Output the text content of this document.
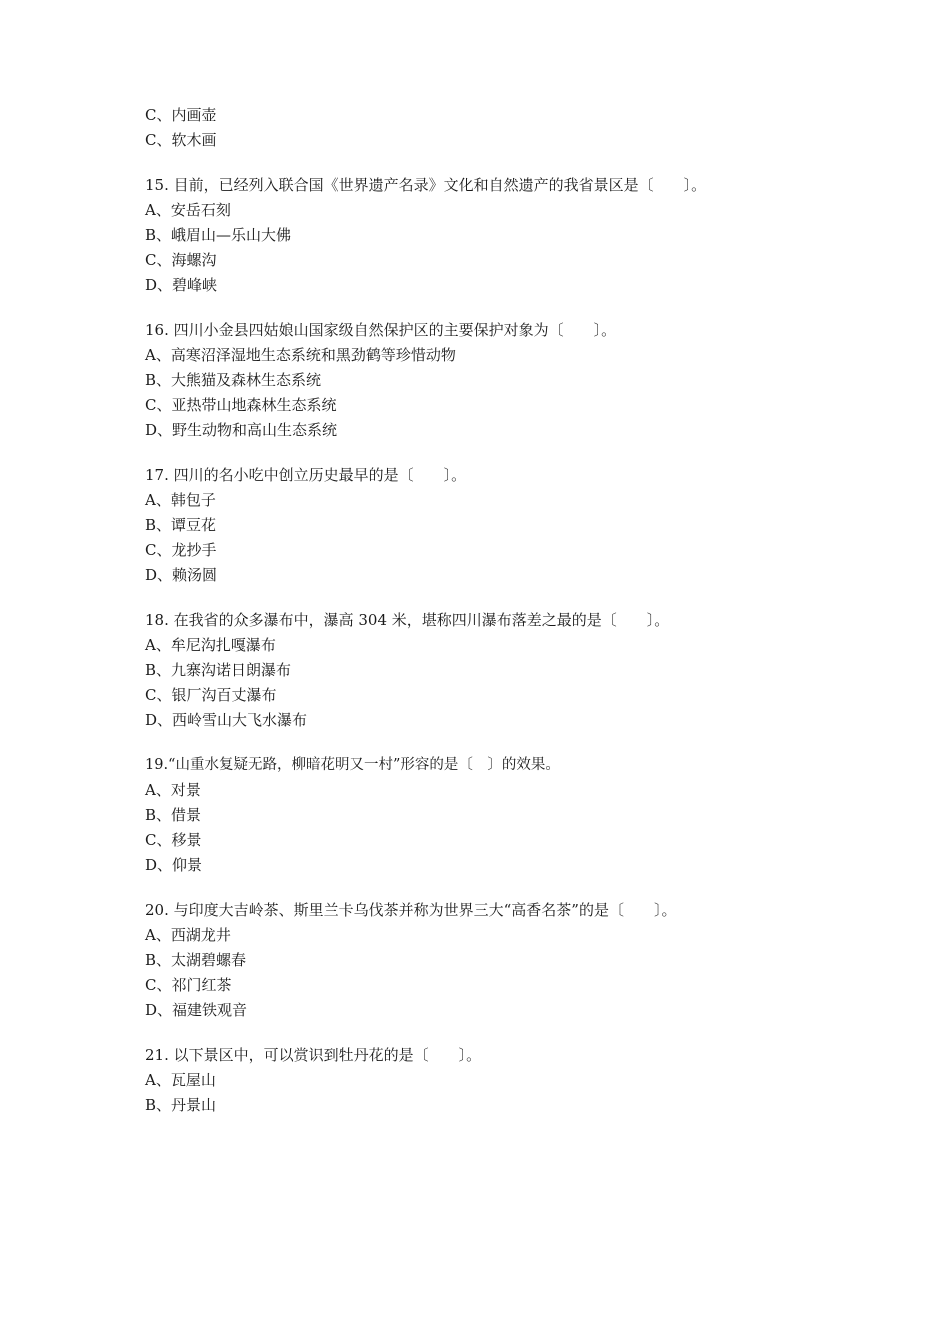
C、内画壶
C、软木画
15. 目前，已经列入联合国《世界遗产名录》文化和自然遗产的我省景区是〔　　〕。
A、安岳石刻
B、峨眉山—乐山大佛
C、海螺沟
D、碧峰峡
16. 四川小金县四姑娘山国家级自然保护区的主要保护对象为〔　　〕。
A、高寒沼泽湿地生态系统和黑劲鹤等珍惜动物
B、大熊猫及森林生态系统
C、亚热带山地森林生态系统
D、野生动物和高山生态系统
17. 四川的名小吃中创立历史最早的是〔　　〕。
A、韩包子
B、谭豆花
C、龙抄手
D、赖汤圆
18. 在我省的众多瀑布中，瀑高 304 米，堪称四川瀑布落差之最的是〔　　〕。
A、牟尼沟扎嘎瀑布
B、九寨沟诺日朗瀑布
C、银厂沟百丈瀑布
D、西岭雪山大飞水瀑布
19.“山重水复疑无路，柳暗花明又一村”形容的是〔　〕的效果。
A、对景
B、借景
C、移景
D、仰景
20. 与印度大吉岭茶、斯里兰卡乌伐茶并称为世界三大“高香名茶”的是〔　　〕。
A、西湖龙井
B、太湖碧螺春
C、祁门红茶
D、福建铁观音
21. 以下景区中，可以赏识到牡丹花的是〔　　〕。
A、瓦屋山
B、丹景山
